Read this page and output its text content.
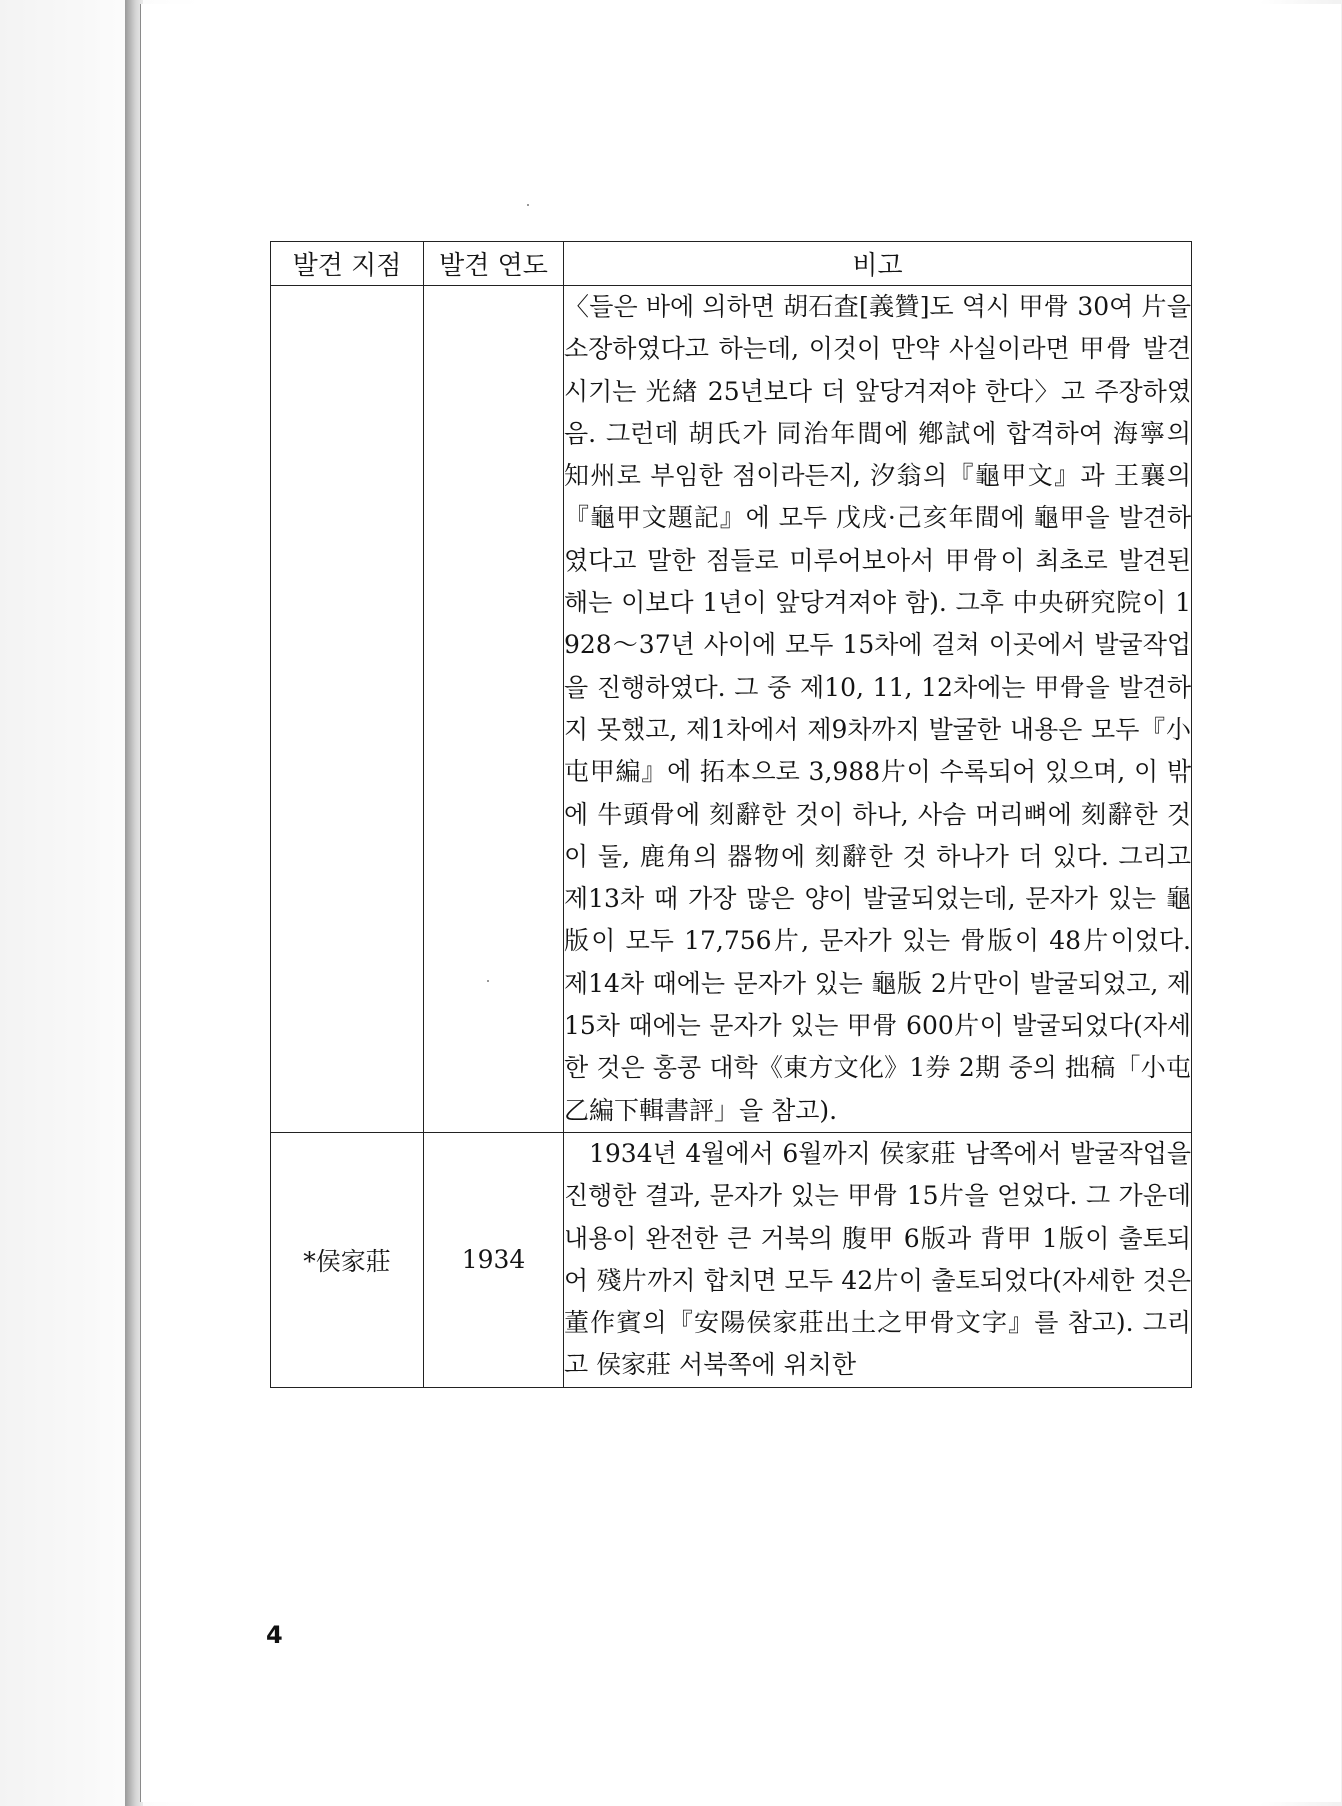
발견 지점	발견 연도	비고
		〈들은 바에 의하면 胡石査[義贊]도 역시 甲骨 30여 片을 소장하였다고 하는데, 이것이 만약 사실이라면 甲骨 발견 시기는 光緖 25년보다 더 앞당겨져야 한다〉고 주장하였음. 그런데 胡氏가 同治年間에 鄕試에 합격하여 海寧의 知州로 부임한 점이라든지, 汐翁의『龜甲文』과 王襄의『龜甲文題記』에 모두 戊戌·己亥年間에 龜甲을 발견하였다고 말한 점들로 미루어보아서 甲骨이 최초로 발견된 해는 이보다 1년이 앞당겨져야 함). 그후 中央硏究院이 1928～37년 사이에 모두 15차에 걸쳐 이곳에서 발굴작업을 진행하였다. 그 중 제10, 11, 12차에는 甲骨을 발견하지 못했고, 제1차에서 제9차까지 발굴한 내용은 모두『小屯甲編』에 拓本으로 3,988片이 수록되어 있으며, 이 밖에 牛頭骨에 刻辭한 것이 하나, 사슴 머리뼈에 刻辭한 것이 둘, 鹿角의 器物에 刻辭한 것 하나가 더 있다. 그리고 제13차 때 가장 많은 양이 발굴되었는데, 문자가 있는 龜版이 모두 17,756片, 문자가 있는 骨版이 48片이었다. 제14차 때에는 문자가 있는 龜版 2片만이 발굴되었고, 제15차 때에는 문자가 있는 甲骨 600片이 발굴되었다(자세한 것은 홍콩 대학《東方文化》1券 2期 중의 拙稿「小屯乙編下輯書評」을 참고).
*侯家莊	1934	1934년 4월에서 6월까지 侯家莊 남쪽에서 발굴작업을 진행한 결과, 문자가 있는 甲骨 15片을 얻었다. 그 가운데 내용이 완전한 큰 거북의 腹甲 6版과 背甲 1版이 출토되어 殘片까지 합치면 모두 42片이 출토되었다(자세한 것은 董作賓의『安陽侯家莊出土之甲骨文字』를 참고). 그리고 侯家莊 서북쪽에 위치한
4
